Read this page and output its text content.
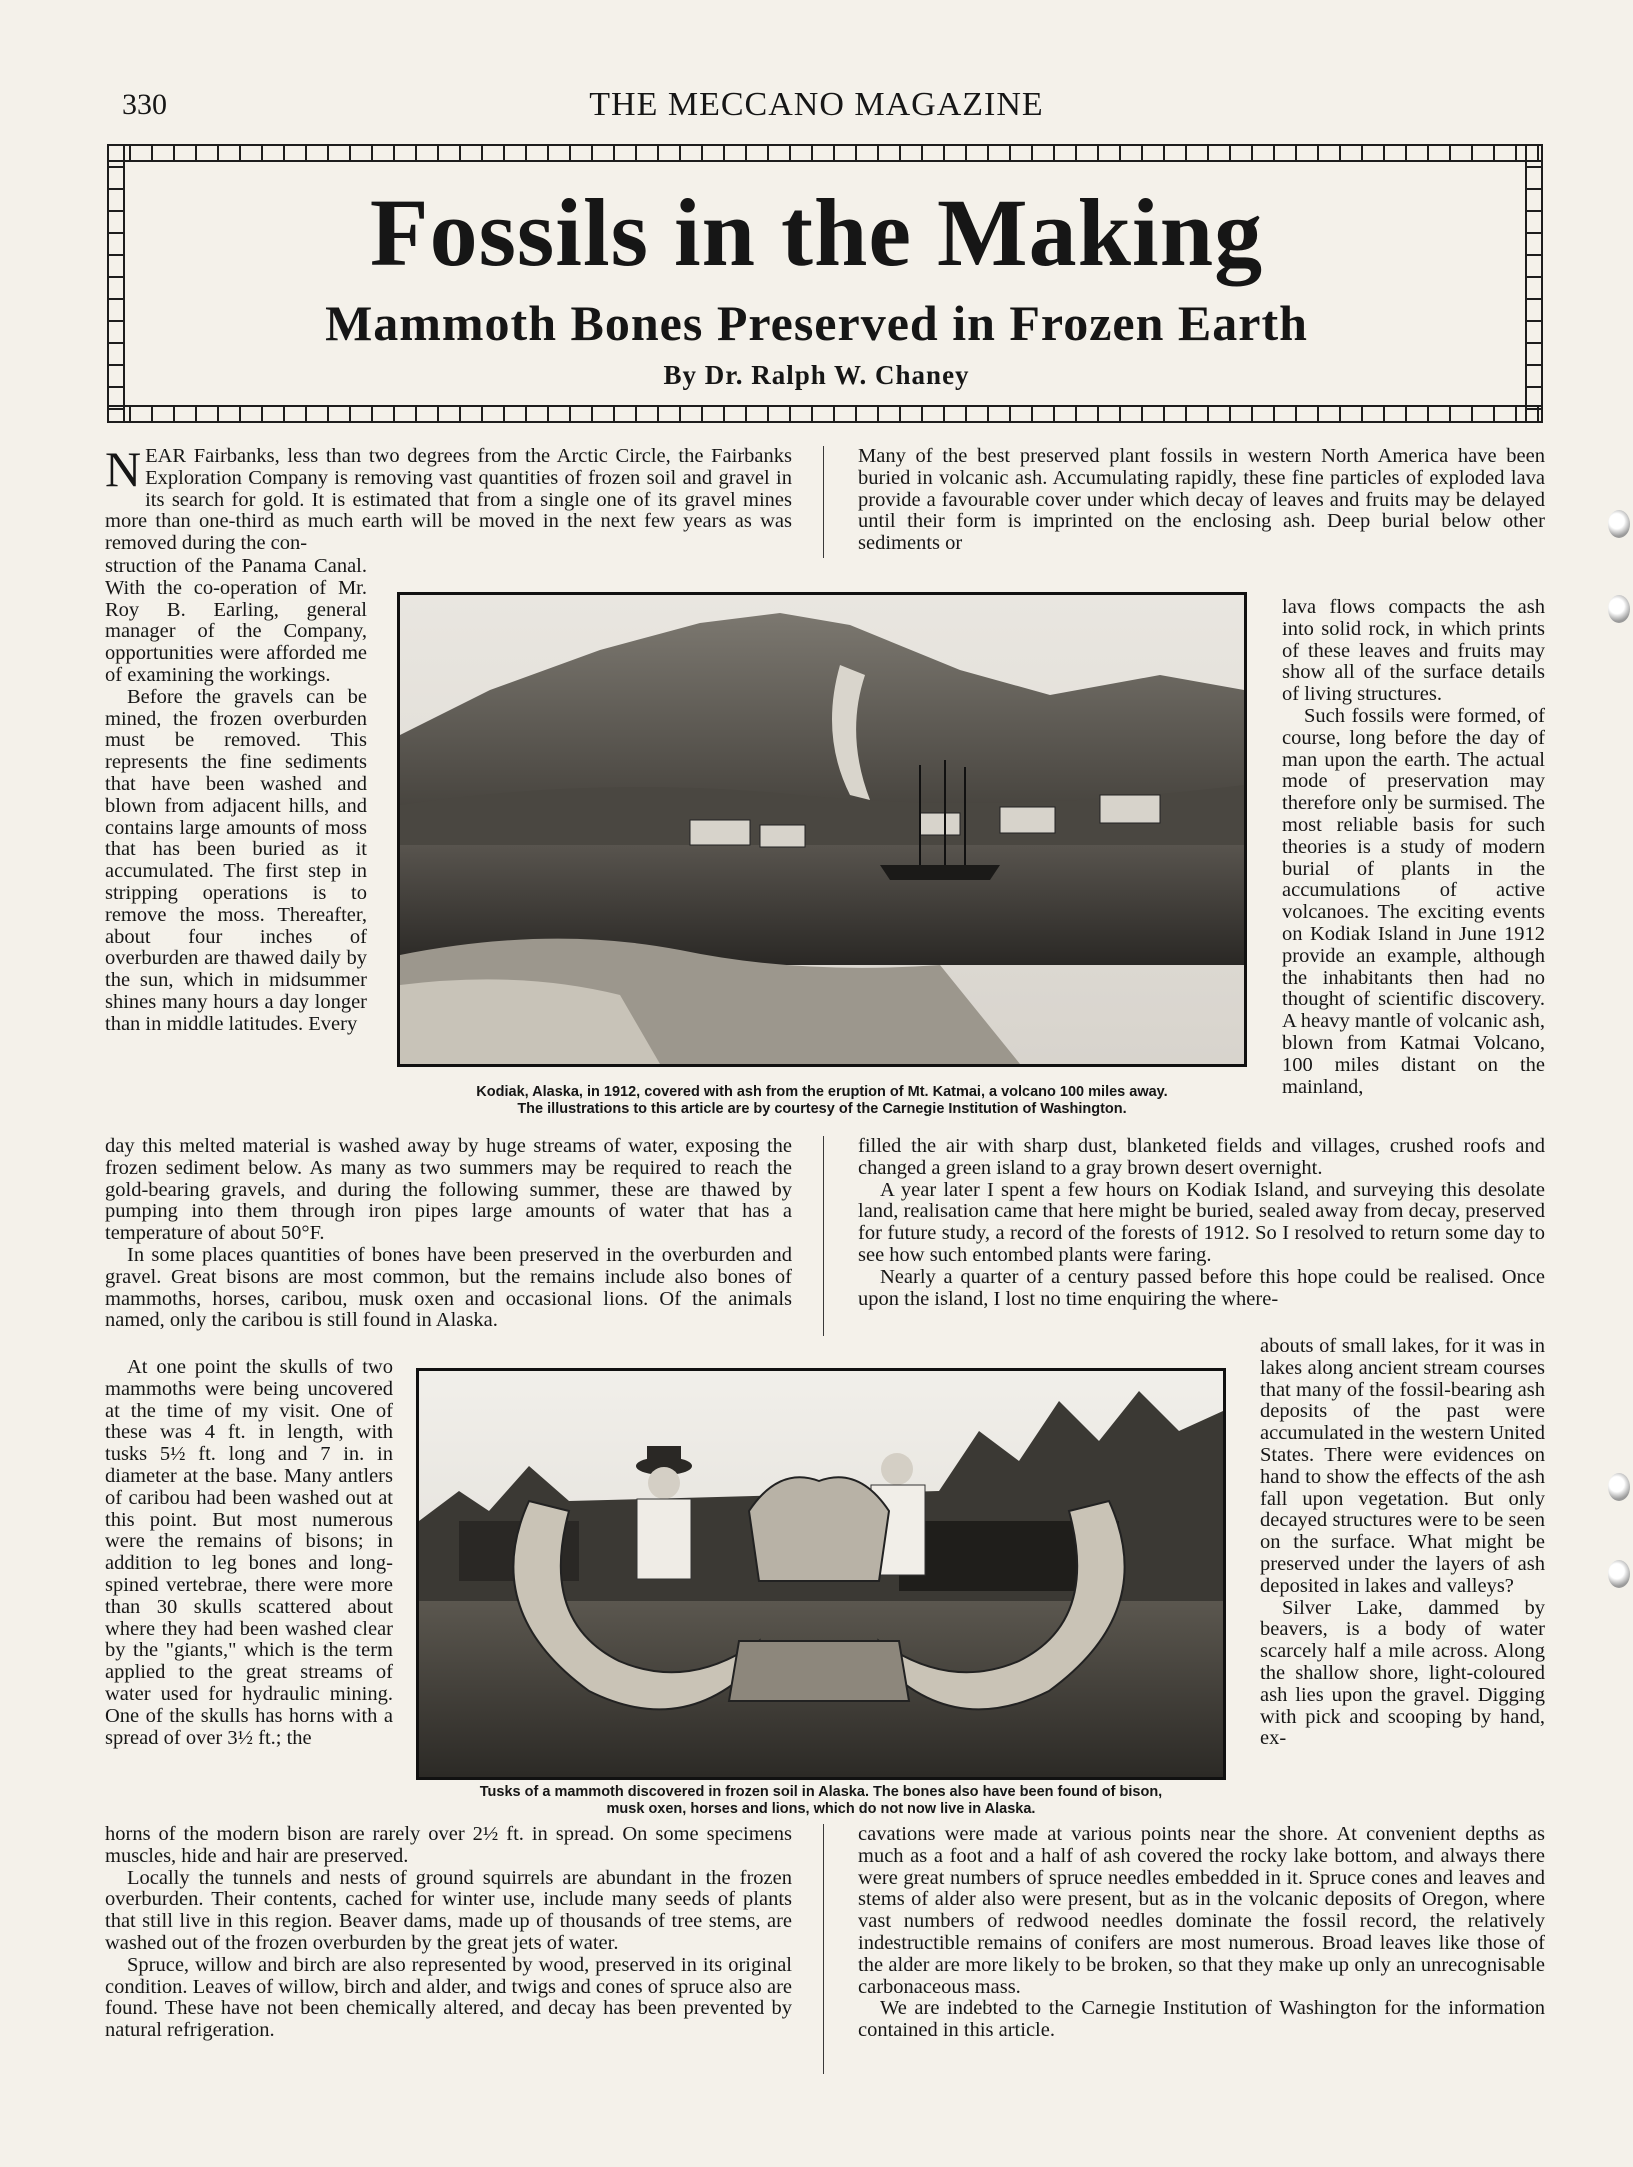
330	THE MECCANO MAGAZINE
Fossils in the Making
Mammoth Bones Preserved in Frozen Earth
By Dr. Ralph W. Chaney

NEAR Fairbanks, less than two degrees from the Arctic Circle, the Fairbanks Exploration Company is removing vast quantities of frozen soil and gravel in its search for gold. It is estimated that from a single one of its gravel mines more than one-third as much earth will be moved in the next few years as was removed during the con-

Many of the best preserved plant fossils in western North America have been buried in volcanic ash. Accumulating rapidly, these fine particles of exploded lava provide a favourable cover under which decay of leaves and fruits may be delayed until their form is imprinted on the enclosing ash. Deep burial below other sediments or

struction of the Panama Canal. With the co-operation of Mr. Roy B. Earling, general manager of the Company, opportunities were afforded me of examining the workings.

Before the gravels can be mined, the frozen overburden must be removed. This represents the fine sediments that have been washed and blown from adjacent hills, and contains large amounts of moss that has been buried as it accumulated. The first step in stripping operations is to remove the moss. Thereafter, about four inches of overburden are thawed daily by the sun, which in midsummer shines many hours a day longer than in middle latitudes. Every

Kodiak, Alaska, in 1912, covered with ash from the eruption of Mt. Katmai, a volcano 100 miles away.
The illustrations to this article are by courtesy of the Carnegie Institution of Washington.

lava flows compacts the ash into solid rock, in which prints of these leaves and fruits may show all of the surface details of living structures.

Such fossils were formed, of course, long before the day of man upon the earth. The actual mode of preservation may therefore only be surmised. The most reliable basis for such theories is a study of modern burial of plants in the accumulations of active volcanoes. The exciting events on Kodiak Island in June 1912 provide an example, although the inhabitants then had no thought of scientific discovery. A heavy mantle of volcanic ash, blown from Katmai Volcano, 100 miles distant on the mainland,

day this melted material is washed away by huge streams of water, exposing the frozen sediment below. As many as two summers may be required to reach the gold-bearing gravels, and during the following summer, these are thawed by pumping into them through iron pipes large amounts of water that has a temperature of about 50°F.

In some places quantities of bones have been preserved in the overburden and gravel. Great bisons are most common, but the remains include also bones of mammoths, horses, caribou, musk oxen and occasional lions. Of the animals named, only the caribou is still found in Alaska.

filled the air with sharp dust, blanketed fields and villages, crushed roofs and changed a green island to a gray brown desert overnight.

A year later I spent a few hours on Kodiak Island, and surveying this desolate land, realisation came that here might be buried, sealed away from decay, preserved for future study, a record of the forests of 1912. So I resolved to return some day to see how such entombed plants were faring.

Nearly a quarter of a century passed before this hope could be realised. Once upon the island, I lost no time enquiring the where-

At one point the skulls of two mammoths were being uncovered at the time of my visit. One of these was 4 ft. in length, with tusks 5½ ft. long and 7 in. in diameter at the base. Many antlers of caribou had been washed out at this point. But most numerous were the remains of bisons; in addition to leg bones and long-spined vertebrae, there were more than 30 skulls scattered about where they had been washed clear by the "giants," which is the term applied to the great streams of water used for hydraulic mining. One of the skulls has horns with a spread of over 3½ ft.; the

Tusks of a mammoth discovered in frozen soil in Alaska. The bones also have been found of bison,
musk oxen, horses and lions, which do not now live in Alaska.

abouts of small lakes, for it was in lakes along ancient stream courses that many of the fossil-bearing ash deposits of the past were accumulated in the western United States. There were evidences on hand to show the effects of the ash fall upon vegetation. But only decayed structures were to be seen on the surface. What might be preserved under the layers of ash deposited in lakes and valleys?

Silver Lake, dammed by beavers, is a body of water scarcely half a mile across. Along the shallow shore, light-coloured ash lies upon the gravel. Digging with pick and scooping by hand, ex-

horns of the modern bison are rarely over 2½ ft. in spread. On some specimens muscles, hide and hair are preserved.

Locally the tunnels and nests of ground squirrels are abundant in the frozen overburden. Their contents, cached for winter use, include many seeds of plants that still live in this region. Beaver dams, made up of thousands of tree stems, are washed out of the frozen overburden by the great jets of water.

Spruce, willow and birch are also represented by wood, preserved in its original condition. Leaves of willow, birch and alder, and twigs and cones of spruce also are found. These have not been chemically altered, and decay has been prevented by natural refrigeration.

cavations were made at various points near the shore. At convenient depths as much as a foot and a half of ash covered the rocky lake bottom, and always there were great numbers of spruce needles embedded in it. Spruce cones and leaves and stems of alder also were present, but as in the volcanic deposits of Oregon, where vast numbers of redwood needles dominate the fossil record, the relatively indestructible remains of conifers are most numerous. Broad leaves like those of the alder are more likely to be broken, so that they make up only an unrecognisable carbonaceous mass.

We are indebted to the Carnegie Institution of Washington for the information contained in this article.
